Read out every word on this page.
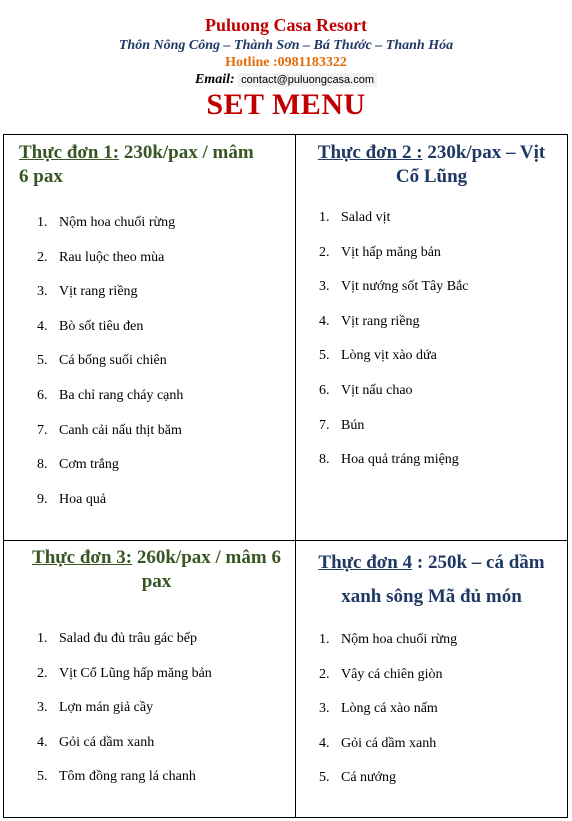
Puluong Casa Resort
Thôn Nông Công – Thành Sơn – Bá Thước – Thanh Hóa
Hotline :0981183322
Email: contact@puluongcasa.com
SET MENU
Thực đơn 1: 230k/pax / mâm
6 pax
1. Nộm hoa chuối rừng
2. Rau luộc theo mùa
3. Vịt rang riềng
4. Bò sốt tiêu đen
5. Cá bống suối chiên
6. Ba chỉ rang cháy cạnh
7. Canh cải nấu thịt băm
8. Cơm trắng
9. Hoa quả
Thực đơn 2 : 230k/pax – Vịt
Cổ Lũng
1. Salad vịt
2. Vịt hấp măng bản
3. Vịt nướng sốt Tây Bắc
4. Vịt rang riềng
5. Lòng vịt xào dứa
6. Vịt nấu chao
7. Bún
8. Hoa quả tráng miệng
Thực đơn 3: 260k/pax / mâm 6
pax
1. Salad đu đủ trâu gác bếp
2. Vịt Cổ Lũng hấp măng bản
3. Lợn mán giả cầy
4. Gỏi cá dầm xanh
5. Tôm đồng rang lá chanh
Thực đơn 4 : 250k – cá dầm
xanh sông Mã đủ món
1. Nộm hoa chuối rừng
2. Vây cá chiên giòn
3. Lòng cá xào nấm
4. Gỏi cá dầm xanh
5. Cá nướng
